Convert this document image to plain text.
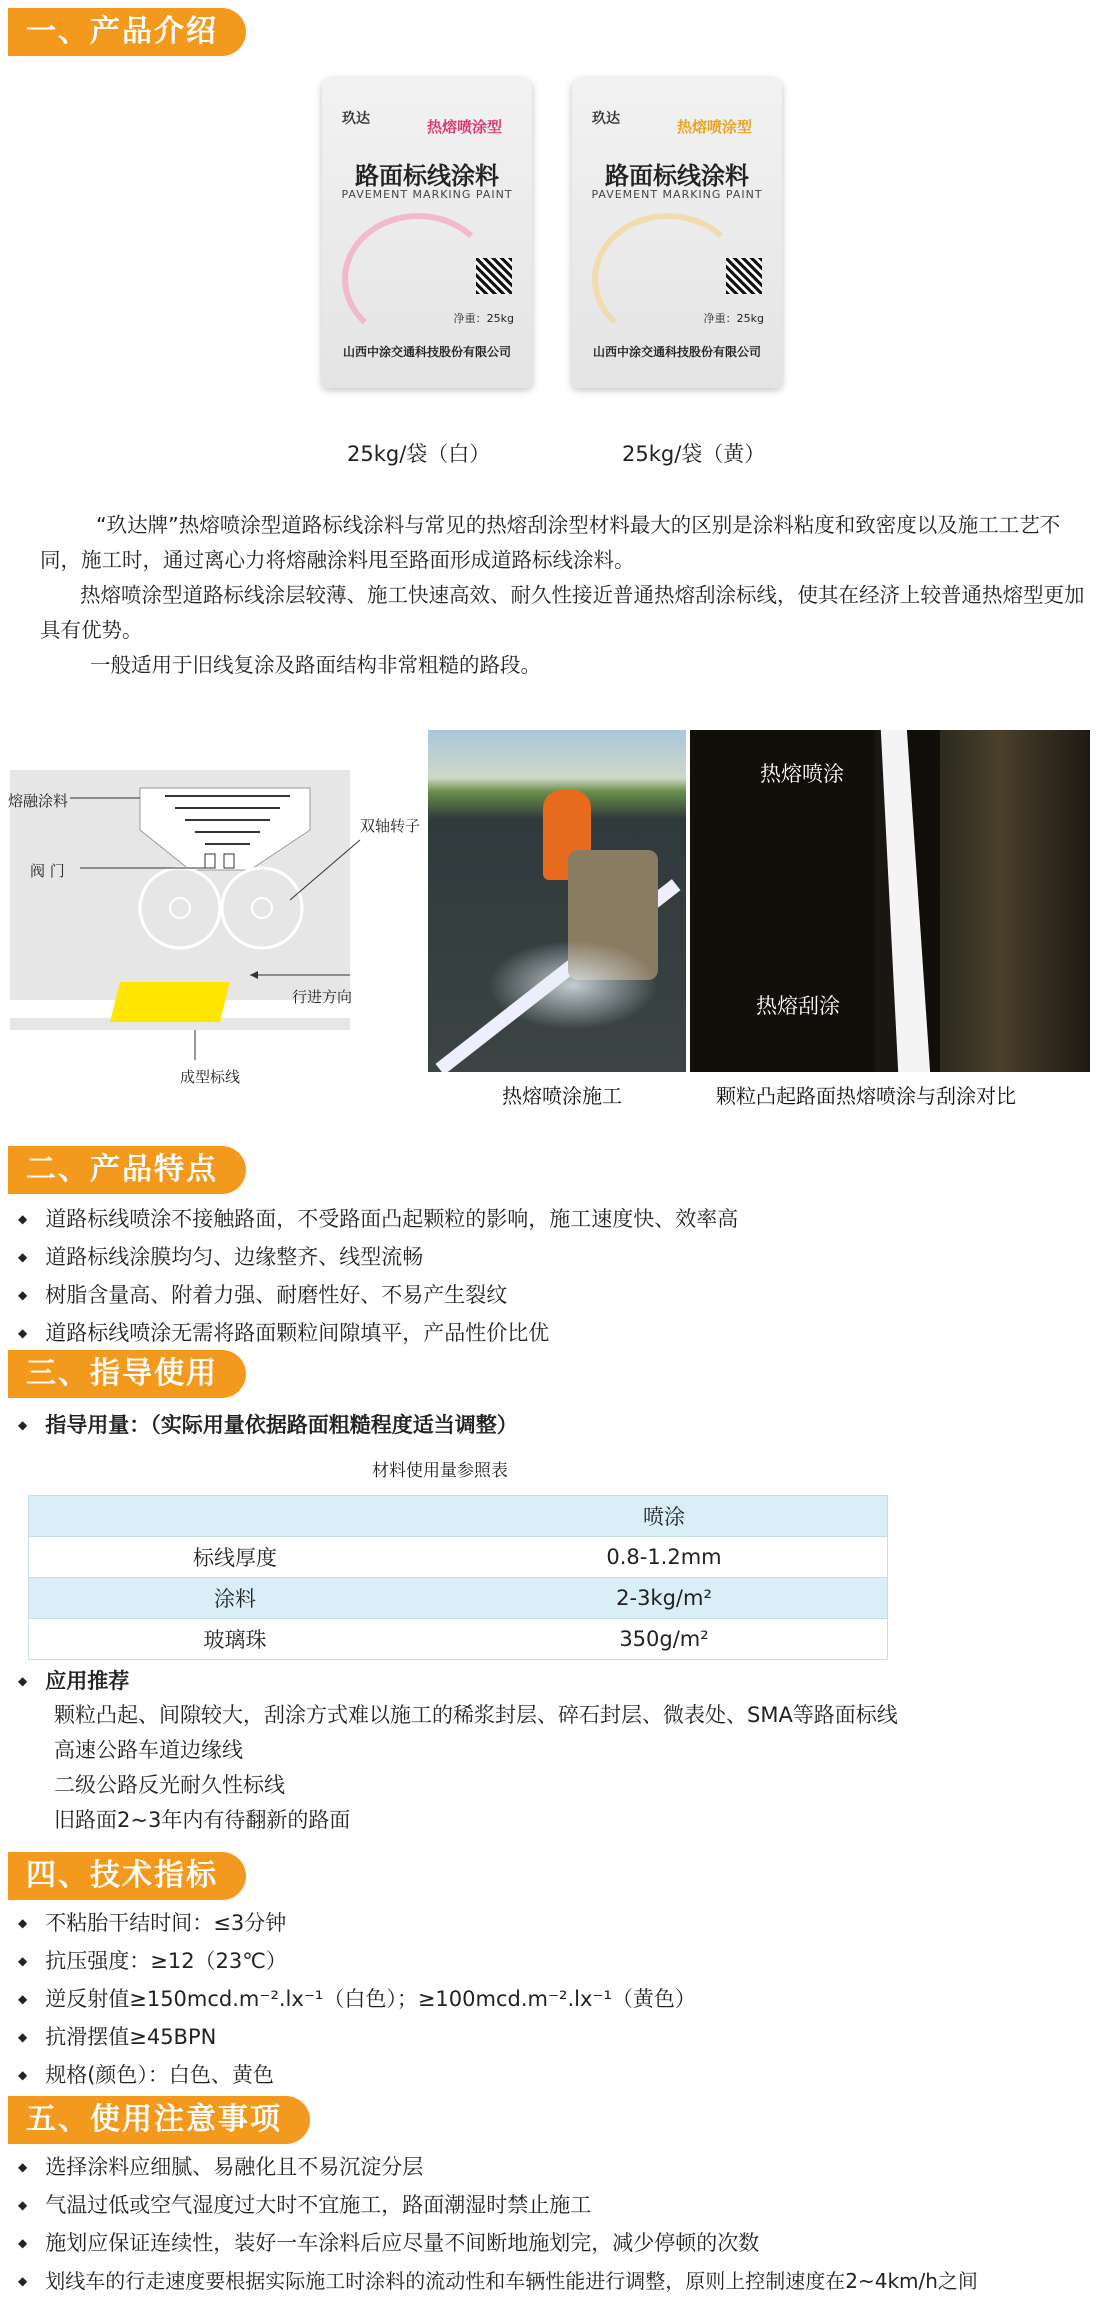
一、产品介绍
玖达	热熔喷涂型
路面标线涂料
PAVEMENT MARKING PAINT
净重：25kg
山西中涂交通科技股份有限公司
玖达	热熔喷涂型
路面标线涂料
PAVEMENT MARKING PAINT
净重：25kg
山西中涂交通科技股份有限公司
25kg/袋（白）	25kg/袋（黄）
“玖达牌”热熔喷涂型道路标线涂料与常见的热熔刮涂型材料最大的区别是涂料粘度和致密度以及施工工艺不同，施工时，通过离心力将熔融涂料甩至路面形成道路标线涂料。
热熔喷涂型道路标线涂层较薄、施工快速高效、耐久性接近普通热熔刮涂标线，使其在经济上较普通热熔型更加具有优势。
一般适用于旧线复涂及路面结构非常粗糙的路段。
熔融涂料
阀 门
双轴转子
行进方向
成型标线
热熔喷涂施工
热熔喷涂
热熔刮涂
颗粒凸起路面热熔喷涂与刮涂对比
二、产品特点
◆ 道路标线喷涂不接触路面，不受路面凸起颗粒的影响，施工速度快、效率高
◆ 道路标线涂膜均匀、边缘整齐、线型流畅
◆ 树脂含量高、附着力强、耐磨性好、不易产生裂纹
◆ 道路标线喷涂无需将路面颗粒间隙填平，产品性价比优
三、指导使用
◆ 指导用量：（实际用量依据路面粗糙程度适当调整）
材料使用量参照表
	喷涂
标线厚度	0.8-1.2mm
涂料	2-3kg/m²
玻璃珠	350g/m²
◆ 应用推荐
颗粒凸起、间隙较大，刮涂方式难以施工的稀浆封层、碎石封层、微表处、SMA等路面标线
高速公路车道边缘线
二级公路反光耐久性标线
旧路面2~3年内有待翻新的路面
四、技术指标
◆ 不粘胎干结时间：≤3分钟
◆ 抗压强度：≥12（23℃）
◆ 逆反射值≥150mcd.m⁻².lx⁻¹（白色）；≥100mcd.m⁻².lx⁻¹（黄色）
◆ 抗滑摆值≥45BPN
◆ 规格(颜色）：白色、黄色
五、使用注意事项
◆ 选择涂料应细腻、易融化且不易沉淀分层
◆ 气温过低或空气湿度过大时不宜施工，路面潮湿时禁止施工
◆ 施划应保证连续性，装好一车涂料后应尽量不间断地施划完，减少停顿的次数
◆ 划线车的行走速度要根据实际施工时涂料的流动性和车辆性能进行调整，原则上控制速度在2~4km/h之间
